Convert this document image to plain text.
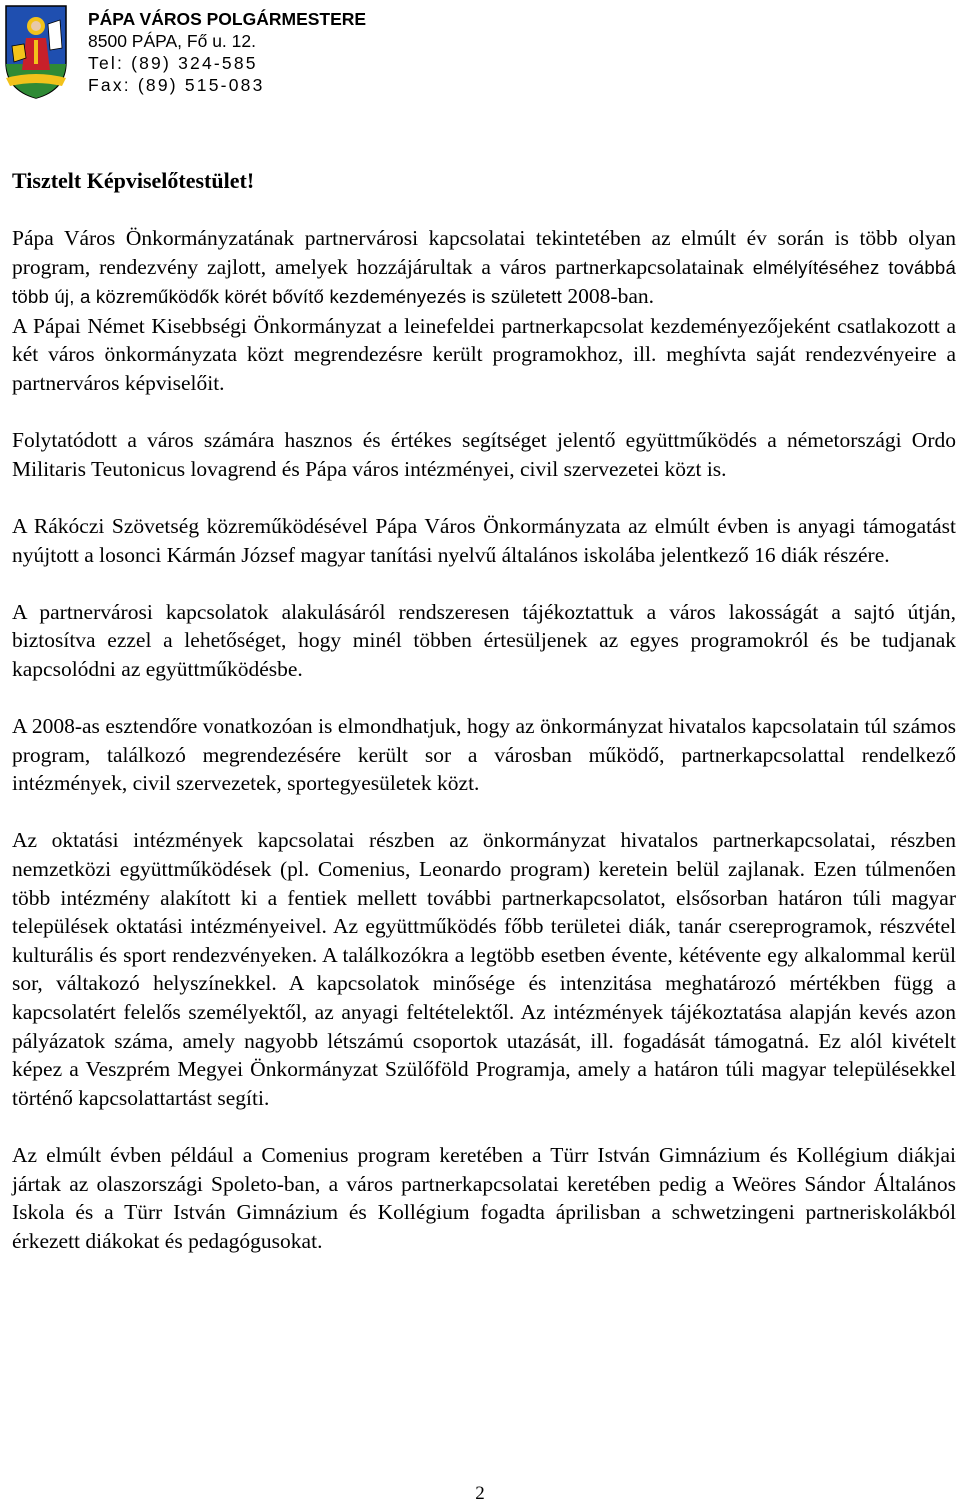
PÁPA VÁROS POLGÁRMESTERE
8500 PÁPA, Fő u. 12.
Tel: (89) 324-585
Fax: (89) 515-083

Tisztelt Képviselőtestület!

Pápa Város Önkormányzatának partnervárosi kapcsolatai tekintetében az elmúlt év során is több olyan program, rendezvény zajlott, amelyek hozzájárultak a város partnerkapcsolatainak elmélyítéséhez továbbá több új, a közreműködők körét bővítő kezdeményezés is született 2008-ban.

A Pápai Német Kisebbségi Önkormányzat a leinefeldei partnerkapcsolat kezdeményezőjeként csatlakozott a két város önkormányzata közt megrendezésre került programokhoz, ill. meghívta saját rendezvényeire a partnerváros képviselőit.

Folytatódott a város számára hasznos és értékes segítséget jelentő együttműködés a németországi Ordo Militaris Teutonicus lovagrend és Pápa város intézményei, civil szervezetei közt is.

A Rákóczi Szövetség közreműködésével Pápa Város Önkormányzata az elmúlt évben is anyagi támogatást nyújtott a losonci Kármán József magyar tanítási nyelvű általános iskolába jelentkező 16 diák részére.

A partnervárosi kapcsolatok alakulásáról rendszeresen tájékoztattuk a város lakosságát a sajtó útján, biztosítva ezzel a lehetőséget, hogy minél többen értesüljenek az egyes programokról és be tudjanak kapcsolódni az együttműködésbe.

A 2008-as esztendőre vonatkozóan is elmondhatjuk, hogy az önkormányzat hivatalos kapcsolatain túl számos program, találkozó megrendezésére került sor a városban működő, partnerkapcsolattal rendelkező intézmények, civil szervezetek, sportegyesületek közt.

Az oktatási intézmények kapcsolatai részben az önkormányzat hivatalos partnerkapcsolatai, részben nemzetközi együttműködések (pl. Comenius, Leonardo program) keretein belül zajlanak. Ezen túlmenően több intézmény alakított ki a fentiek mellett további partnerkapcsolatot, elsősorban határon túli magyar települések oktatási intézményeivel. Az együttműködés főbb területei diák, tanár csereprogramok, részvétel kulturális és sport rendezvényeken. A találkozókra a legtöbb esetben évente, kétévente egy alkalommal kerül sor, váltakozó helyszínekkel. A kapcsolatok minősége és intenzitása meghatározó mértékben függ a kapcsolatért felelős személyektől, az anyagi feltételektől. Az intézmények tájékoztatása alapján kevés azon pályázatok száma, amely nagyobb létszámú csoportok utazását, ill. fogadását támogatná. Ez alól kivételt képez a Veszprém Megyei Önkormányzat Szülőföld Programja, amely a határon túli magyar településekkel történő kapcsolattartást segíti.

Az elmúlt évben például a Comenius program keretében a Türr István Gimnázium és Kollégium diákjai jártak az olaszországi Spoleto-ban, a város partnerkapcsolatai keretében pedig a Weöres Sándor Általános Iskola és a Türr István Gimnázium és Kollégium fogadta áprilisban a schwetzingeni partneriskolákból érkezett diákokat és pedagógusokat.

2
